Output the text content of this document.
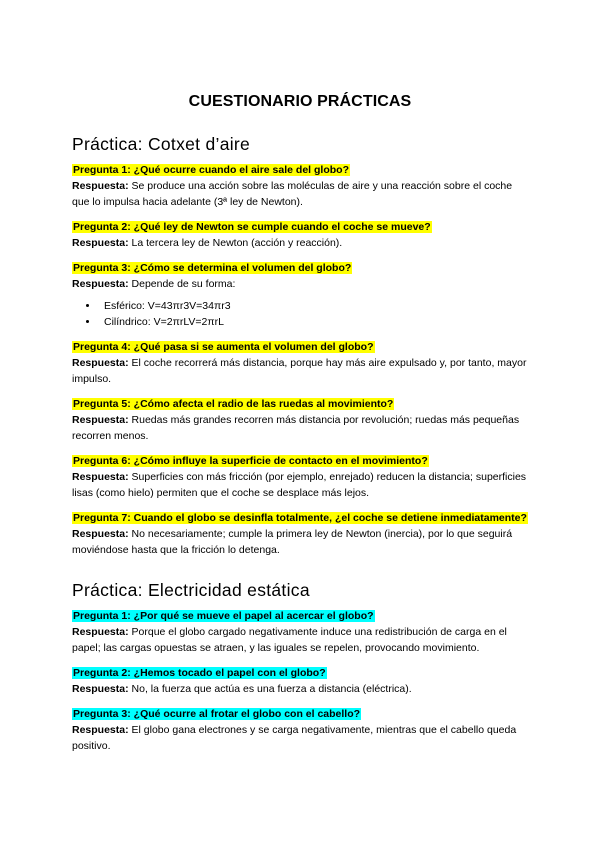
CUESTIONARIO PRÁCTICAS
Práctica: Cotxet d’aire
Pregunta 1: ¿Qué ocurre cuando el aire sale del globo?
Respuesta: Se produce una acción sobre las moléculas de aire y una reacción sobre el coche que lo impulsa hacia adelante (3ª ley de Newton).
Pregunta 2: ¿Qué ley de Newton se cumple cuando el coche se mueve?
Respuesta: La tercera ley de Newton (acción y reacción).
Pregunta 3: ¿Cómo se determina el volumen del globo?
Respuesta: Depende de su forma:
• Esférico: V=43πr3V=34πr3
• Cilíndrico: V=2πrLV=2πrL
Pregunta 4: ¿Qué pasa si se aumenta el volumen del globo?
Respuesta: El coche recorrerá más distancia, porque hay más aire expulsado y, por tanto, mayor impulso.
Pregunta 5: ¿Cómo afecta el radio de las ruedas al movimiento?
Respuesta: Ruedas más grandes recorren más distancia por revolución; ruedas más pequeñas recorren menos.
Pregunta 6: ¿Cómo influye la superficie de contacto en el movimiento?
Respuesta: Superficies con más fricción (por ejemplo, enrejado) reducen la distancia; superficies lisas (como hielo) permiten que el coche se desplace más lejos.
Pregunta 7: Cuando el globo se desinfla totalmente, ¿el coche se detiene inmediatamente?
Respuesta: No necesariamente; cumple la primera ley de Newton (inercia), por lo que seguirá moviéndose hasta que la fricción lo detenga.
Práctica: Electricidad estática
Pregunta 1: ¿Por qué se mueve el papel al acercar el globo?
Respuesta: Porque el globo cargado negativamente induce una redistribución de carga en el papel; las cargas opuestas se atraen, y las iguales se repelen, provocando movimiento.
Pregunta 2: ¿Hemos tocado el papel con el globo?
Respuesta: No, la fuerza que actúa es una fuerza a distancia (eléctrica).
Pregunta 3: ¿Qué ocurre al frotar el globo con el cabello?
Respuesta: El globo gana electrones y se carga negativamente, mientras que el cabello queda positivo.
